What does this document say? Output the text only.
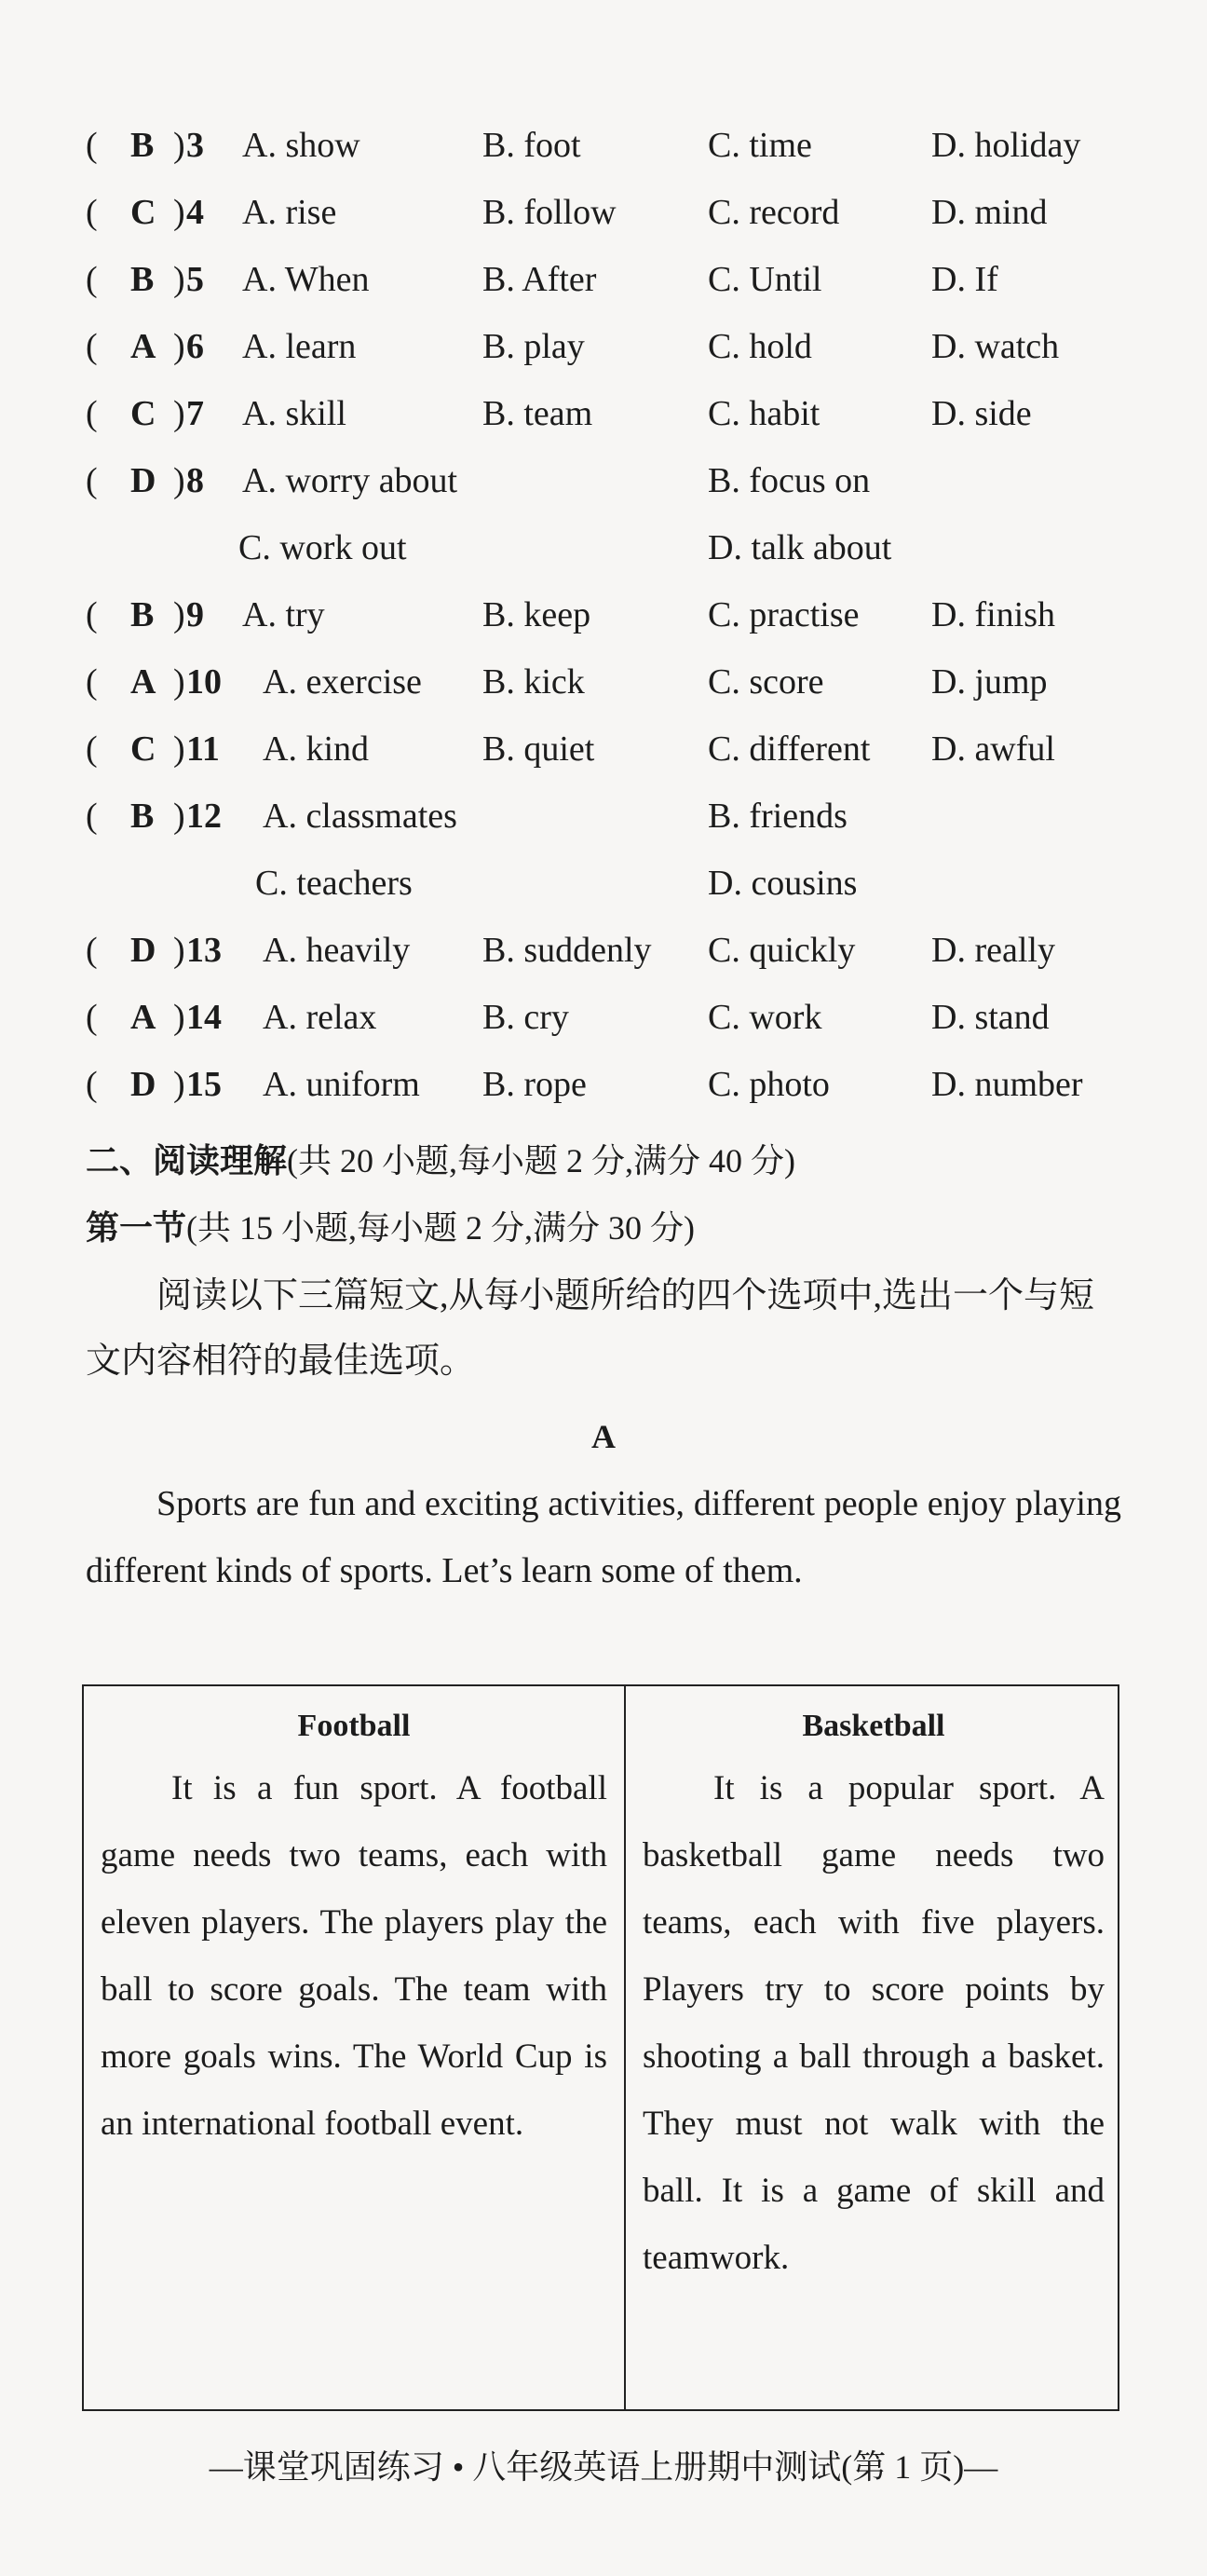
( B ) 3 A. show	B. foot	C. time	D. holiday
( C ) 4 A. rise	B. follow	C. record	D. mind
( B ) 5 A. When	B. After	C. Until	D. If
( A ) 6 A. learn	B. play	C. hold	D. watch
( C ) 7 A. skill	B. team	C. habit	D. side
( D ) 8 A. worry about	B. focus on
C. work out	D. talk about
( B ) 9 A. try	B. keep	C. practise D. finish
( A ) 10 A. exercise B. kick	C. score	D. jump
( C ) 11 A. kind	B. quiet	C. different D. awful
( B ) 12 A. classmates	B. friends
C. teachers	D. cousins
( D ) 13 A. heavily B. suddenly C. quickly D. really
( A ) 14 A. relax	B. cry	C. work	D. stand
( D ) 15 A. uniform B. rope	C. photo	D. number
二、阅读理解(共 20 小题,每小题 2 分,满分 40 分)
第一节(共 15 小题,每小题 2 分,满分 30 分)
阅读以下三篇短文,从每小题所给的四个选项中,选出一个与短文内容相符的最佳选项。
A
Sports are fun and exciting activities, different people enjoy playing different kinds of sports. Let’s learn some of them.
Football
It is a fun sport. A football game needs two teams, each with eleven players. The players play the ball to score goals. The team with more goals wins. The World Cup is an international football event.
Basketball
It is a popular sport. A basketball game needs two teams, each with five players. Players try to score points by shooting a ball through a basket. They must not walk with the ball. It is a game of skill and teamwork.
—课堂巩固练习 • 八年级英语上册期中测试(第 1 页)—
